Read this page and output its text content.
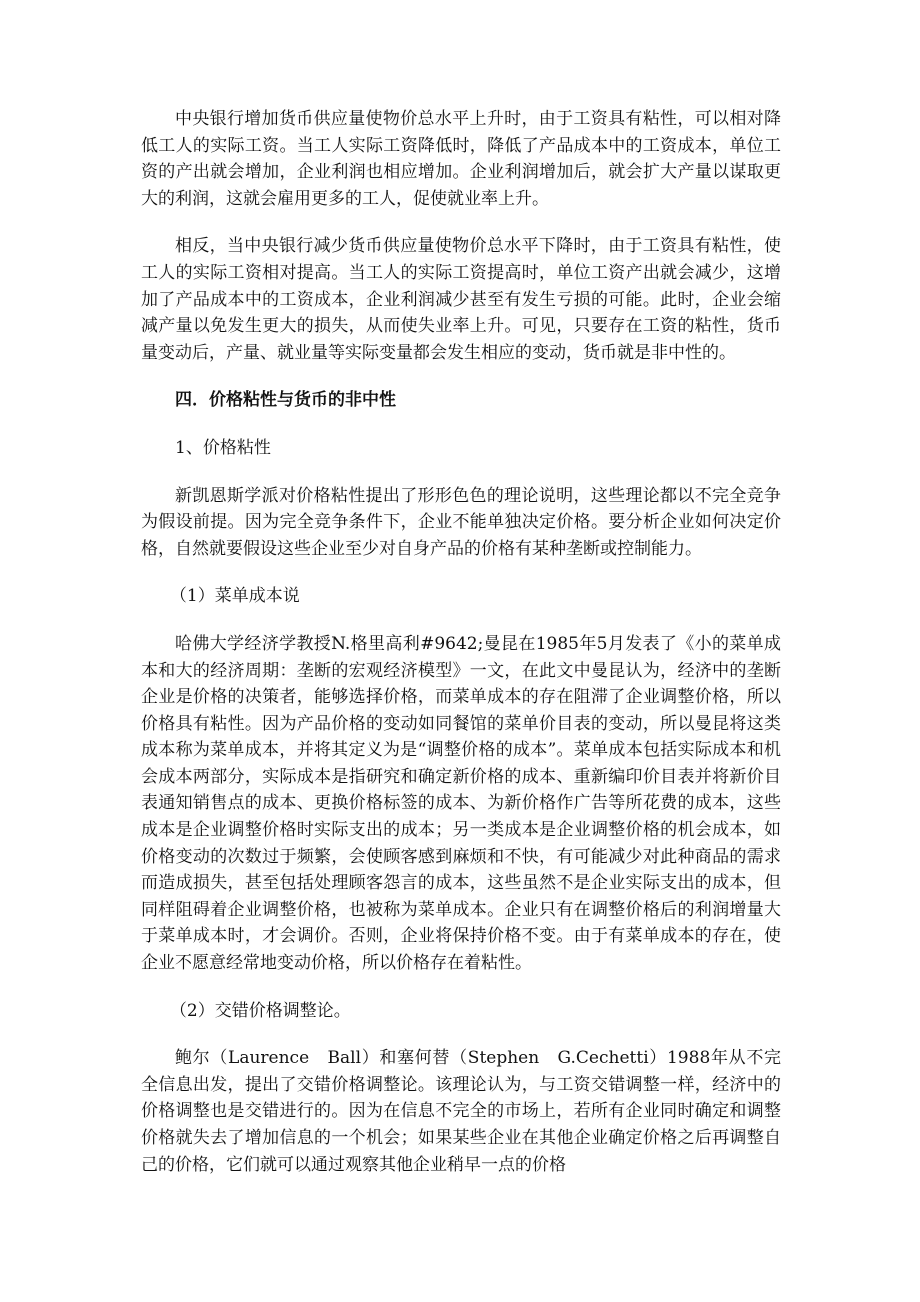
中央银行增加货币供应量使物价总水平上升时，由于工资具有粘性，可以相对降低工人的实际工资。当工人实际工资降低时，降低了产品成本中的工资成本，单位工资的产出就会增加，企业利润也相应增加。企业利润增加后，就会扩大产量以谋取更大的利润，这就会雇用更多的工人，促使就业率上升。

相反，当中央银行减少货币供应量使物价总水平下降时，由于工资具有粘性，使工人的实际工资相对提高。当工人的实际工资提高时，单位工资产出就会减少，这增加了产品成本中的工资成本，企业利润减少甚至有发生亏损的可能。此时，企业会缩减产量以免发生更大的损失，从而使失业率上升。可见，只要存在工资的粘性，货币量变动后，产量、就业量等实际变量都会发生相应的变动，货币就是非中性的。

四．价格粘性与货币的非中性

1、价格粘性

新凯恩斯学派对价格粘性提出了形形色色的理论说明，这些理论都以不完全竞争为假设前提。因为完全竞争条件下，企业不能单独决定价格。要分析企业如何决定价格，自然就要假设这些企业至少对自身产品的价格有某种垄断或控制能力。

（1）菜单成本说

哈佛大学经济学教授N.格里高利#9642;曼昆在1985年5月发表了《小的菜单成本和大的经济周期：垄断的宏观经济模型》一文，在此文中曼昆认为，经济中的垄断企业是价格的决策者，能够选择价格，而菜单成本的存在阻滞了企业调整价格，所以价格具有粘性。因为产品价格的变动如同餐馆的菜单价目表的变动，所以曼昆将这类成本称为菜单成本，并将其定义为是“调整价格的成本”。菜单成本包括实际成本和机会成本两部分，实际成本是指研究和确定新价格的成本、重新编印价目表并将新价目表通知销售点的成本、更换价格标签的成本、为新价格作广告等所花费的成本，这些成本是企业调整价格时实际支出的成本；另一类成本是企业调整价格的机会成本，如价格变动的次数过于频繁，会使顾客感到麻烦和不快，有可能减少对此种商品的需求而造成损失，甚至包括处理顾客怨言的成本，这些虽然不是企业实际支出的成本，但同样阻碍着企业调整价格，也被称为菜单成本。企业只有在调整价格后的利润增量大于菜单成本时，才会调价。否则，企业将保持价格不变。由于有菜单成本的存在，使企业不愿意经常地变动价格，所以价格存在着粘性。

（2）交错价格调整论。

鲍尔（Laurence　Ball）和塞何替（Stephen　G.Cechetti）1988年从不完全信息出发，提出了交错价格调整论。该理论认为，与工资交错调整一样，经济中的价格调整也是交错进行的。因为在信息不完全的市场上，若所有企业同时确定和调整价格就失去了增加信息的一个机会；如果某些企业在其他企业确定价格之后再调整自己的价格，它们就可以通过观察其他企业稍早一点的价格
